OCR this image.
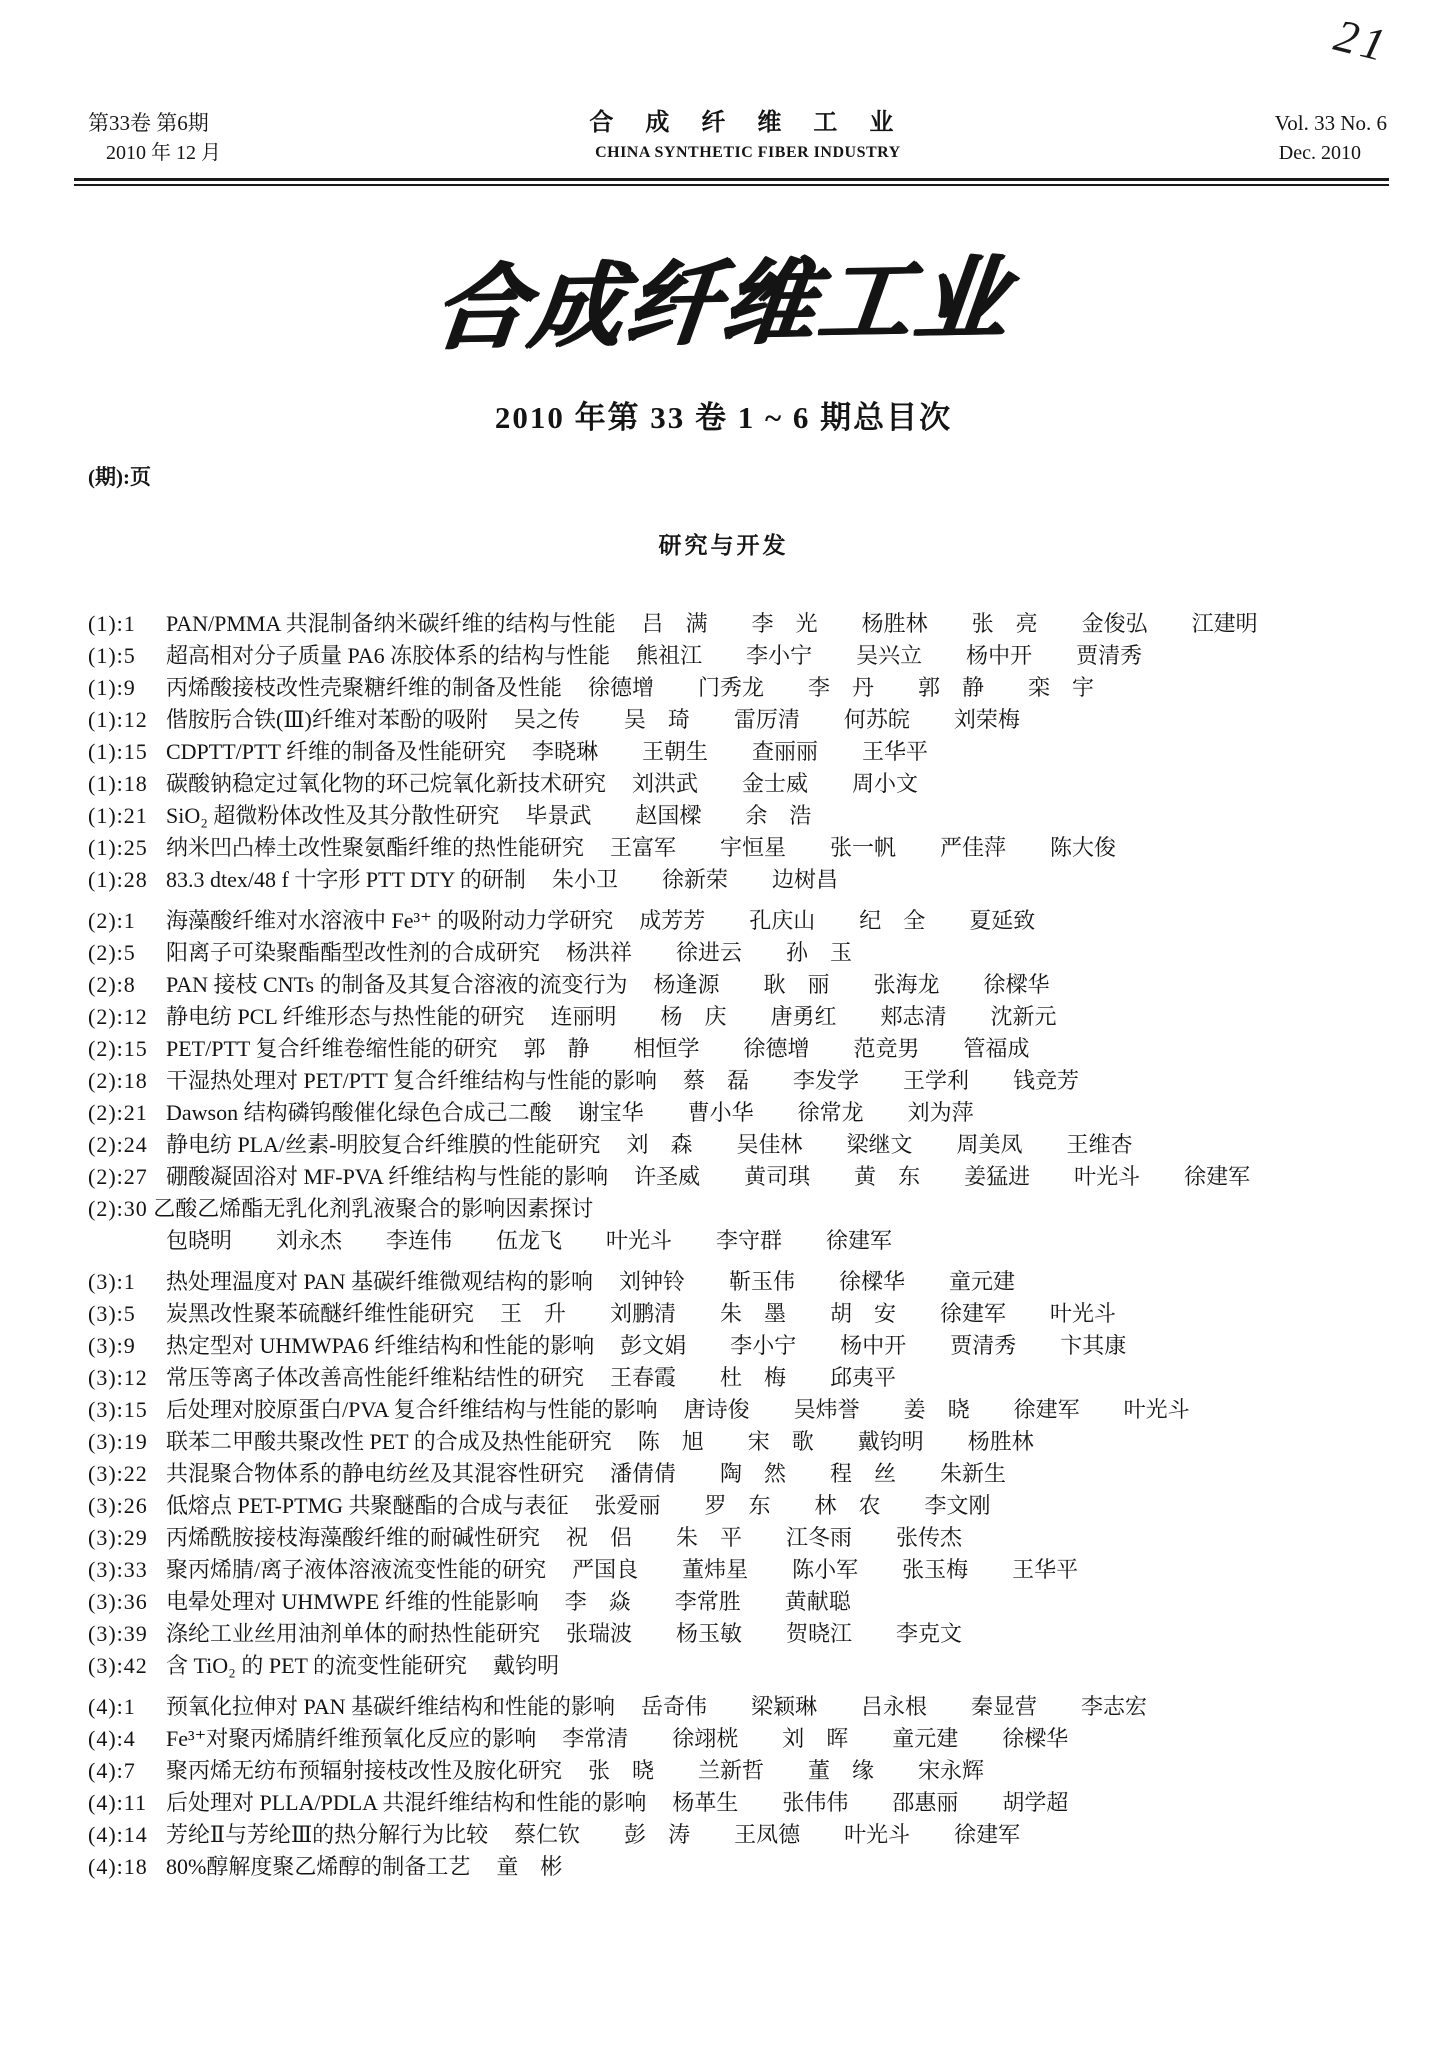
21
第33卷 第6期
2010 年 12 月
合 成 纤 维 工 业
CHINA SYNTHETIC FIBER INDUSTRY
Vol. 33 No. 6
Dec. 2010
合成纤维工业
2010 年第 33 卷 1 ~ 6 期总目次
(期):页
研究与开发
(1):1	PAN/PMMA 共混制备纳米碳纤维的结构与性能 吕　满　　李　光　　杨胜林　　张　亮　　金俊弘　　江建明
(1):5	超高相对分子质量 PA6 冻胶体系的结构与性能 熊祖江　　李小宁　　吴兴立　　杨中开　　贾清秀
(1):9	丙烯酸接枝改性壳聚糖纤维的制备及性能 徐德增　　门秀龙　　李　丹　　郭　静　　栾　宇
(1):12 偕胺肟合铁(Ⅲ)纤维对苯酚的吸附 吴之传　　吴　琦　　雷厉清　　何苏皖　　刘荣梅
(1):15 CDPTT/PTT 纤维的制备及性能研究 李晓琳　　王朝生　　查丽丽　　王华平
(1):18 碳酸钠稳定过氧化物的环己烷氧化新技术研究 刘洪武　　金士威　　周小文
(1):21 SiO₂ 超微粉体改性及其分散性研究 毕景武　　赵国樑　　余　浩
(1):25 纳米凹凸棒土改性聚氨酯纤维的热性能研究 王富军　　宇恒星　　张一帆　　严佳萍　　陈大俊
(1):28 83.3 dtex/48 f 十字形 PTT DTY 的研制 朱小卫　　徐新荣　　边树昌
(2):1	海藻酸纤维对水溶液中 Fe³⁺ 的吸附动力学研究 成芳芳　　孔庆山　　纪　全　　夏延致
(2):5	阳离子可染聚酯酯型改性剂的合成研究 杨洪祥　　徐进云　　孙　玉
(2):8	PAN 接枝 CNTs 的制备及其复合溶液的流变行为 杨逢源　　耿　丽　　张海龙　　徐樑华
(2):12 静电纺 PCL 纤维形态与热性能的研究 连丽明　　杨　庆　　唐勇红　　郏志清　　沈新元
(2):15 PET/PTT 复合纤维卷缩性能的研究 郭　静　　相恒学　　徐德增　　范竞男　　管福成
(2):18 干湿热处理对 PET/PTT 复合纤维结构与性能的影响 蔡　磊　　李发学　　王学利　　钱竞芳
(2):21 Dawson 结构磷钨酸催化绿色合成己二酸 谢宝华　　曹小华　　徐常龙　　刘为萍
(2):24 静电纺 PLA/丝素-明胶复合纤维膜的性能研究 刘　森　　吴佳林　　梁继文　　周美凤　　王维杏
(2):27 硼酸凝固浴对 MF-PVA 纤维结构与性能的影响 许圣威　　黄司琪　　黄　东　　姜猛进　　叶光斗　　徐建军
(2):30 乙酸乙烯酯无乳化剂乳液聚合的影响因素探讨
包晓明　　刘永杰　　李连伟　　伍龙飞　　叶光斗　　李守群　　徐建军
(3):1	热处理温度对 PAN 基碳纤维微观结构的影响 刘钟铃　　靳玉伟　　徐樑华　　童元建
(3):5	炭黑改性聚苯硫醚纤维性能研究 王　升　　刘鹏清　　朱　墨　　胡　安　　徐建军　　叶光斗
(3):9	热定型对 UHMWPA6 纤维结构和性能的影响 彭文娟　　李小宁　　杨中开　　贾清秀　　卞其康
(3):12 常压等离子体改善高性能纤维粘结性的研究 王春霞　　杜　梅　　邱夷平
(3):15 后处理对胶原蛋白/PVA 复合纤维结构与性能的影响 唐诗俊　　吴炜誉　　姜　晓　　徐建军　　叶光斗
(3):19 联苯二甲酸共聚改性 PET 的合成及热性能研究 陈　旭　　宋　歌　　戴钧明　　杨胜林
(3):22 共混聚合物体系的静电纺丝及其混容性研究 潘倩倩　　陶　然　　程　丝　　朱新生
(3):26 低熔点 PET-PTMG 共聚醚酯的合成与表征 张爱丽　　罗　东　　林　农　　李文刚
(3):29 丙烯酰胺接枝海藻酸纤维的耐碱性研究 祝　侣　　朱　平　　江冬雨　　张传杰
(3):33 聚丙烯腈/离子液体溶液流变性能的研究 严国良　　董炜星　　陈小军　　张玉梅　　王华平
(3):36 电晕处理对 UHMWPE 纤维的性能影响 李　焱　　李常胜　　黄献聪
(3):39 涤纶工业丝用油剂单体的耐热性能研究 张瑞波　　杨玉敏　　贺晓江　　李克文
(3):42 含 TiO₂ 的 PET 的流变性能研究 戴钧明
(4):1	预氧化拉伸对 PAN 基碳纤维结构和性能的影响 岳奇伟　　梁颖琳　　吕永根　　秦显营　　李志宏
(4):4	Fe³⁺对聚丙烯腈纤维预氧化反应的影响 李常清　　徐翊桄　　刘　晖　　童元建　　徐樑华
(4):7	聚丙烯无纺布预辐射接枝改性及胺化研究 张　晓　　兰新哲　　董　缘　　宋永辉
(4):11 后处理对 PLLA/PDLA 共混纤维结构和性能的影响 杨革生　　张伟伟　　邵惠丽　　胡学超
(4):14 芳纶Ⅱ与芳纶Ⅲ的热分解行为比较 蔡仁钦　　彭　涛　　王凤德　　叶光斗　　徐建军
(4):18 80%醇解度聚乙烯醇的制备工艺 童　彬
